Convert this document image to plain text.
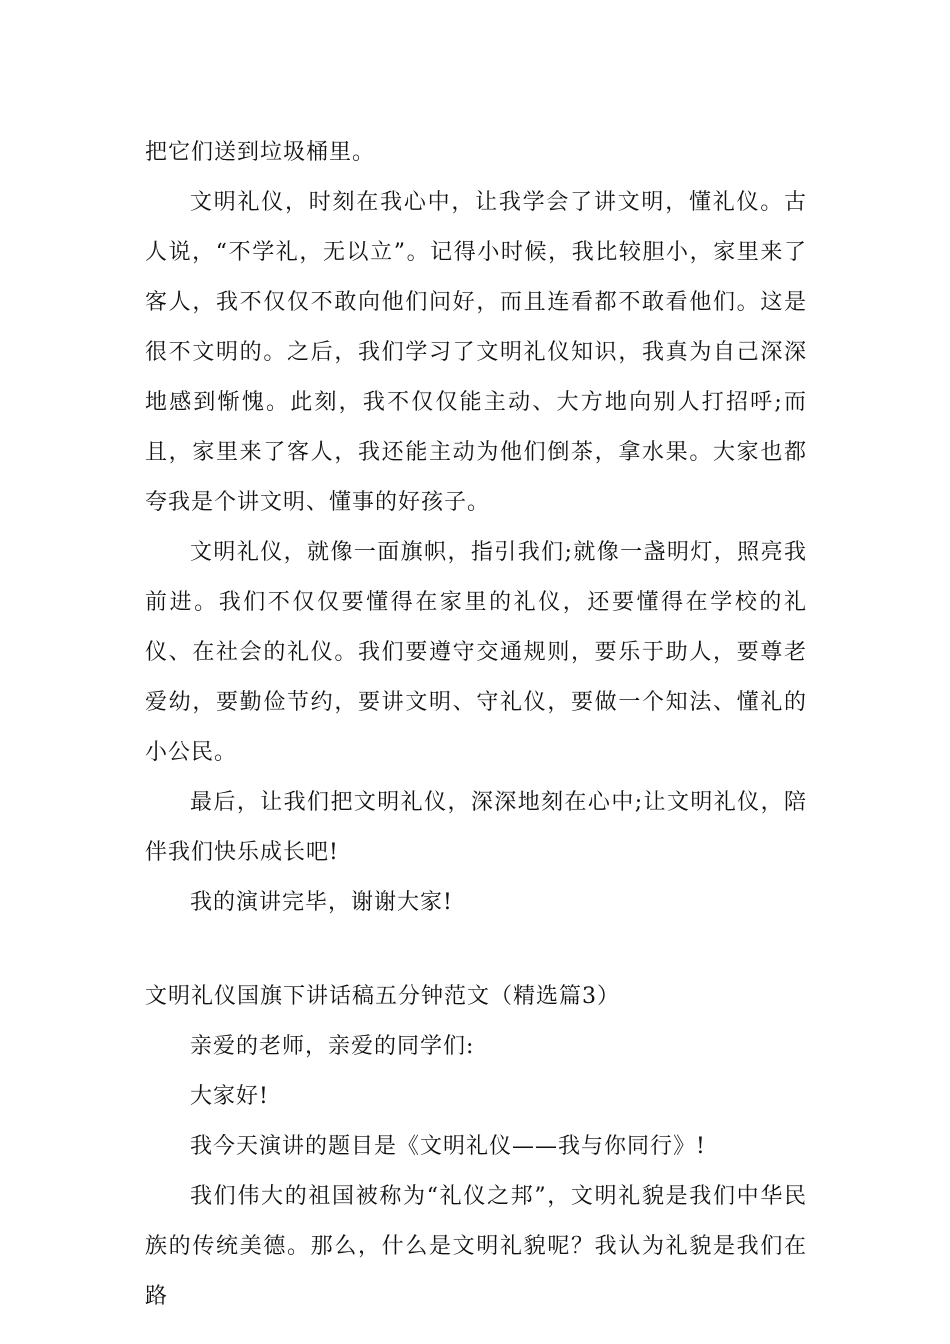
把它们送到垃圾桶里。

文明礼仪，时刻在我心中，让我学会了讲文明，懂礼仪。古人说，“不学礼，无以立”。记得小时候，我比较胆小，家里来了客人，我不仅仅不敢向他们问好，而且连看都不敢看他们。这是很不文明的。之后，我们学习了文明礼仪知识，我真为自己深深地感到惭愧。此刻，我不仅仅能主动、大方地向别人打招呼;而且，家里来了客人，我还能主动为他们倒茶，拿水果。大家也都夸我是个讲文明、懂事的好孩子。

文明礼仪，就像一面旗帜，指引我们;就像一盏明灯，照亮我前进。我们不仅仅要懂得在家里的礼仪，还要懂得在学校的礼仪、在社会的礼仪。我们要遵守交通规则，要乐于助人，要尊老爱幼，要勤俭节约，要讲文明、守礼仪，要做一个知法、懂礼的小公民。

最后，让我们把文明礼仪，深深地刻在心中;让文明礼仪，陪伴我们快乐成长吧!

我的演讲完毕，谢谢大家!

文明礼仪国旗下讲话稿五分钟范文（精选篇3）

亲爱的老师，亲爱的同学们:

大家好!

我今天演讲的题目是《文明礼仪——我与你同行》!

我们伟大的祖国被称为“礼仪之邦”，文明礼貌是我们中华民族的传统美德。那么，什么是文明礼貌呢？我认为礼貌是我们在路
